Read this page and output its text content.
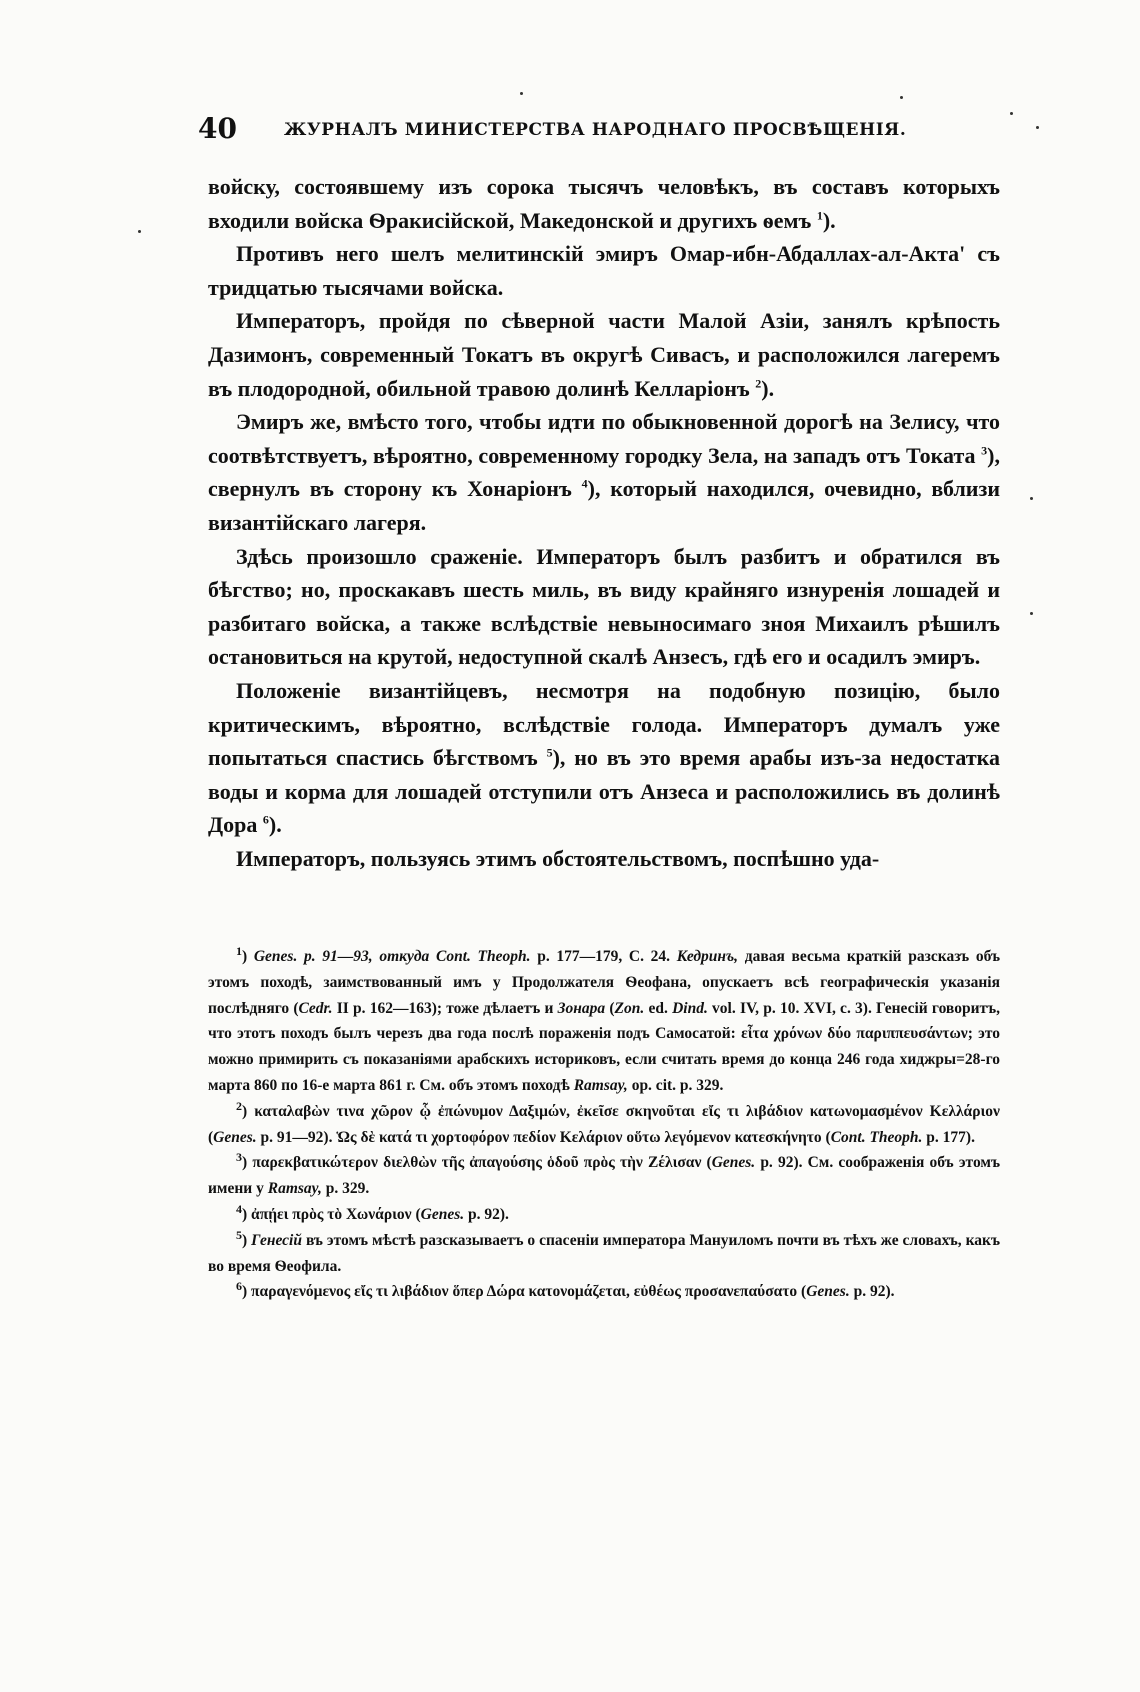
40	ЖУРНАЛЪ МИНИСТЕРСТВА НАРОДНАГО ПРОСВѢЩЕНІЯ.

войску, состоявшему изъ сорока тысячъ человѣкъ, въ составъ которыхъ входили войска Ѳракисійской, Македонской и другихъ ѳемъ $^1$).

Противъ него шелъ мелитинскій эмиръ Омар-ибн-Абдаллах-ал-Акта' съ тридцатью тысячами войска.

Императоръ, пройдя по сѣверной части Малой Азіи, занялъ крѣпость Дазимонъ, современный Токатъ въ округѣ Сивасъ, и расположился лагеремъ въ плодородной, обильной травою долинѣ Келларіонъ $^2$).

Эмиръ же, вмѣсто того, чтобы идти по обыкновенной дорогѣ на Зелису, что соотвѣтствуетъ, вѣроятно, современному городку Зела, на западъ отъ Токата $^3$), свернулъ въ сторону къ Хонаріонъ $^4$), который находился, очевидно, вблизи византійскаго лагеря.

Здѣсь произошло сраженіе. Императоръ былъ разбитъ и обратился въ бѣгство; но, проскакавъ шесть миль, въ виду крайняго изнуренія лошадей и разбитаго войска, а также вслѣдствіе невыносимаго зноя Михаилъ рѣшилъ остановиться на крутой, недоступной скалѣ Анзесъ, гдѣ его и осадилъ эмиръ.

Положеніе византійцевъ, несмотря на подобную позицію, было критическимъ, вѣроятно, вслѣдствіе голода. Императоръ думалъ уже попытаться спастись бѣгствомъ $^5$), но въ это время арабы изъ-за недостатка воды и корма для лошадей отступили отъ Анзеса и расположились въ долинѣ Дора $^6$).

Императоръ, пользуясь этимъ обстоятельствомъ, поспѣшно уда-

$^1$) Genes. p. 91—93, откуда Cont. Theoph. p. 177—179, C. 24. Кедринъ, давая весьма краткій разсказъ объ этомъ походѣ, заимствованный имъ у Продолжателя Ѳеофана, опускаетъ всѣ географическія указанія послѣдняго (Cedr. II p. 162—163); тоже дѣлаетъ и Зонара (Zon. ed. Dind. vol. IV, p. 10. XVI, c. 3). Генесій говоритъ, что этотъ походъ былъ черезъ два года послѣ пораженія подъ Самосатой: εἶτα χρόνων δύο παριππευσάντων; это можно примирить съ показаніями арабскихъ историковъ, если считать время до конца 246 года хиджры=28-го марта 860 по 16-е марта 861 г. См. объ этомъ походѣ Ramsay, op. cit. p. 329.

$^2$) καταλαβὼν τινα χῶρον ᾧ ἐπώνυμον Δαξιμών, ἐκεῖσε σκηνοῦται εἴς τι λιβάδιον κατωνομασμένον Κελλάριον (Genes. p. 91—92). Ὡς δὲ κατά τι χορτοφόρον πεδίον Κελάριον οὕτω λεγόμενον κατεσκήνητο (Cont. Theoph. p. 177).

$^3$) παρεκβατικώτερον διελθὼν τῆς ἀπαγούσης ὁδοῦ πρὸς τὴν Ζέλισαν (Genes. p. 92). См. соображенія объ этомъ имени у Ramsay, p. 329.

$^4$) ἀπῄει πρὸς τὸ Χωνάριον (Genes. p. 92).

$^5$) Генесій въ этомъ мѣстѣ разсказываетъ о спасеніи императора Мануиломъ почти въ тѣхъ же словахъ, какъ во время Ѳеофила.

$^6$) παραγενόμενος εἴς τι λιβάδιον ὅπερ Δώρα κατονομάζεται, εὐθέως προσανεπαύσατο (Genes. p. 92).
